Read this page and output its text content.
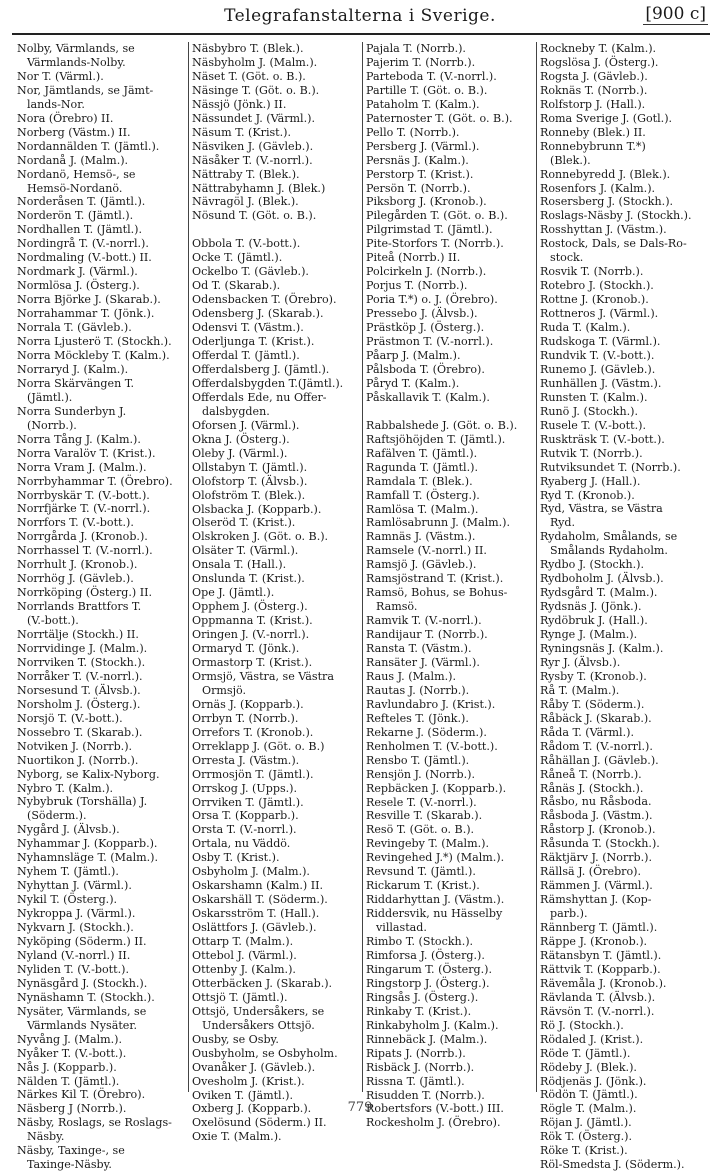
Telegrafanstalterna i Sverige.	[900 c]
Nolby, Värmlands, se
Värmlands-Nolby.
Nor T. (Värml.).
Nor, Jämtlands, se Jämt-
lands-Nor.
Nora (Örebro) II.
Norberg (Västm.) II.
Nordannälden T. (Jämtl.).
Nordanå J. (Malm.).
Nordanö, Hemsö-, se
Hemsö-Nordanö.
Norderåsen T. (Jämtl.).
Norderön T. (Jämtl.).
Nordhallen T. (Jämtl.).
Nordingrå T. (V.-norrl.).
Nordmaling (V.-bott.) II.
Nordmark J. (Värml.).
Normlösa J. (Österg.).
Norra Björke J. (Skarab.).
Norrahammar T. (Jönk.).
Norrala T. (Gävleb.).
Norra Ljusterö T. (Stockh.).
Norra Möckleby T. (Kalm.).
Norraryd J. (Kalm.).
Norra Skärvängen T.
(Jämtl.).
Norra Sunderbyn J.
(Norrb.).
Norra Tång J. (Kalm.).
Norra Varalöv T. (Krist.).
Norra Vram J. (Malm.).
Norrbyhammar T. (Örebro).
Norrbyskär T. (V.-bott.).
Norrfjärke T. (V.-norrl.).
Norrfors T. (V.-bott.).
Norrgårda J. (Kronob.).
Norrhassel T. (V.-norrl.).
Norrhult J. (Kronob.).
Norrhög J. (Gävleb.).
Norrköping (Österg.) II.
Norrlands Brattfors T.
(V.-bott.).
Norrtälje (Stockh.) II.
Norrvidinge J. (Malm.).
Norrviken T. (Stockh.).
Norråker T. (V.-norrl.).
Norsesund T. (Älvsb.).
Norsholm J. (Österg.).
Norsjö T. (V.-bott.).
Nossebro T. (Skarab.).
Notviken J. (Norrb.).
Nuortikon J. (Norrb.).
Nyborg, se Kalix-Nyborg.
Nybro T. (Kalm.).
Nybybruk (Torshälla) J.
(Söderm.).
Nygård J. (Älvsb.).
Nyhammar J. (Kopparb.).
Nyhamnsläge T. (Malm.).
Nyhem T. (Jämtl.).
Nyhyttan J. (Värml.).
Nykil T. (Österg.).
Nykroppa J. (Värml.).
Nykvarn J. (Stockh.).
Nyköping (Söderm.) II.
Nyland (V.-norrl.) II.
Nyliden T. (V.-bott.).
Nynäsgård J. (Stockh.).
Nynäshamn T. (Stockh.).
Nysäter, Värmlands, se
Värmlands Nysäter.
Nyvång J. (Malm.).
Nyåker T. (V.-bott.).
Nås J. (Kopparb.).
Nälden T. (Jämtl.).
Närkes Kil T. (Örebro).
Näsberg J (Norrb.).
Näsby, Roslags, se Roslags-
Näsby.
Näsby, Taxinge-, se
Taxinge-Näsby.
Näsbybro T. (Blek.).
Näsbyholm J. (Malm.).
Näset T. (Göt. o. B.).
Näsinge T. (Göt. o. B.).
Nässjö (Jönk.) II.
Nässundet J. (Värml.).
Näsum T. (Krist.).
Näsviken J. (Gävleb.).
Näsåker T. (V.-norrl.).
Nättraby T. (Blek.).
Nättrabyhamn J. (Blek.)
Nävragöl J. (Blek.).
Nösund T. (Göt. o. B.).
Obbola T. (V.-bott.).
Ocke T. (Jämtl.).
Ockelbo T. (Gävleb.).
Od T. (Skarab.).
Odensbacken T. (Örebro).
Odensberg J. (Skarab.).
Odensvi T. (Västm.).
Oderljunga T. (Krist.).
Offerdal T. (Jämtl.).
Offerdalsberg J. (Jämtl.).
Offerdalsbygden T.(Jämtl.).
Offerdals Ede, nu Offer-
dalsbygden.
Oforsen J. (Värml.).
Okna J. (Österg.).
Oleby J. (Värml.).
Ollstabyn T. (Jämtl.).
Olofstorp T. (Älvsb.).
Olofström T. (Blek.).
Olsbacka J. (Kopparb.).
Olseröd T. (Krist.).
Olskroken J. (Göt. o. B.).
Olsäter T. (Värml.).
Onsala T. (Hall.).
Onslunda T. (Krist.).
Ope J. (Jämtl.).
Opphem J. (Österg.).
Oppmanna T. (Krist.).
Oringen J. (V.-norrl.).
Ormaryd T. (Jönk.).
Ormastorp T. (Krist.).
Ormsjö, Västra, se Västra
Ormsjö.
Ornäs J. (Kopparb.).
Orrbyn T. (Norrb.).
Orrefors T. (Kronob.).
Orreklapp J. (Göt. o. B.)
Orresta J. (Västm.).
Orrmosjön T. (Jämtl.).
Orrskog J. (Upps.).
Orrviken T. (Jämtl.).
Orsa T. (Kopparb.).
Orsta T. (V.-norrl.).
Ortala, nu Väddö.
Osby T. (Krist.).
Osbyholm J. (Malm.).
Oskarshamn (Kalm.) II.
Oskarshäll T. (Söderm.).
Oskarsström T. (Hall.).
Oslättfors J. (Gävleb.).
Ottarp T. (Malm.).
Ottebol J. (Värml.).
Ottenby J. (Kalm.).
Otterbäcken J. (Skarab.).
Ottsjö T. (Jämtl.).
Ottsjö, Undersåkers, se
Undersåkers Ottsjö.
Ousby, se Osby.
Ousbyholm, se Osbyholm.
Ovanåker J. (Gävleb.).
Ovesholm J. (Krist.).
Oviken T. (Jämtl.).
Oxberg J. (Kopparb.).
Oxelösund (Söderm.) II.
Oxie T. (Malm.).
Pajala T. (Norrb.).
Pajerim T. (Norrb.).
Parteboda T. (V.-norrl.).
Partille T. (Göt. o. B.).
Pataholm T. (Kalm.).
Paternoster T. (Göt. o. B.).
Pello T. (Norrb.).
Persberg J. (Värml.).
Persnäs J. (Kalm.).
Perstorp T. (Krist.).
Persön T. (Norrb.).
Piksborg J. (Kronob.).
Pilegården T. (Göt. o. B.).
Pilgrimstad T. (Jämtl.).
Pite-Storfors T. (Norrb.).
Piteå (Norrb.) II.
Polcirkeln J. (Norrb.).
Porjus T. (Norrb.).
Poria T.*) o. J. (Örebro).
Pressebo J. (Älvsb.).
Prästköp J. (Österg.).
Prästmon T. (V.-norrl.).
Påarp J. (Malm.).
Pålsboda T. (Örebro).
Påryd T. (Kalm.).
Påskallavik T. (Kalm.).
Rabbalshede J. (Göt. o. B.).
Raftsjöhöjden T. (Jämtl.).
Rafälven T. (Jämtl.).
Ragunda T. (Jämtl.).
Ramdala T. (Blek.).
Ramfall T. (Österg.).
Ramlösa T. (Malm.).
Ramlösabrunn J. (Malm.).
Ramnäs J. (Västm.).
Ramsele (V.-norrl.) II.
Ramsjö J. (Gävleb.).
Ramsjöstrand T. (Krist.).
Ramsö, Bohus, se Bohus-
Ramsö.
Ramvik T. (V.-norrl.).
Randijaur T. (Norrb.).
Ransta T. (Västm.).
Ransäter J. (Värml.).
Raus J. (Malm.).
Rautas J. (Norrb.).
Ravlundabro J. (Krist.).
Refteles T. (Jönk.).
Rekarne J. (Söderm.).
Renholmen T. (V.-bott.).
Rensbo T. (Jämtl.).
Rensjön J. (Norrb.).
Repbäcken J. (Kopparb.).
Resele T. (V.-norrl.).
Resville T. (Skarab.).
Resö T. (Göt. o. B.).
Revingeby T. (Malm.).
Revingehed J.*) (Malm.).
Revsund T. (Jämtl.).
Rickarum T. (Krist.).
Riddarhyttan J. (Västm.).
Riddersvik, nu Hässelby
villastad.
Rimbo T. (Stockh.).
Rimforsa J. (Österg.).
Ringarum T. (Österg.).
Ringstorp J. (Österg.).
Ringsås J. (Österg.).
Rinkaby T. (Krist.).
Rinkabyholm J. (Kalm.).
Rinnebäck J. (Malm.).
Ripats J. (Norrb.).
Risbäck J. (Norrb.).
Rissna T. (Jämtl.).
Risudden T. (Norrb.).
Robertsfors (V.-bott.) III.
Rockesholm J. (Örebro).
Rockneby T. (Kalm.).
Rogslösa J. (Österg.).
Rogsta J. (Gävleb.).
Roknäs T. (Norrb.).
Rolfstorp J. (Hall.).
Roma Sverige J. (Gotl.).
Ronneby (Blek.) II.
Ronnebybrunn T.*)
(Blek.).
Ronnebyredd J. (Blek.).
Rosenfors J. (Kalm.).
Rosersberg J. (Stockh.).
Roslags-Näsby J. (Stockh.).
Rosshyttan J. (Västm.).
Rostock, Dals, se Dals-Ro-
stock.
Rosvik T. (Norrb.).
Rotebro J. (Stockh.).
Rottne J. (Kronob.).
Rottneros J. (Värml.).
Ruda T. (Kalm.).
Rudskoga T. (Värml.).
Rundvik T. (V.-bott.).
Runemo J. (Gävleb.).
Runhällen J. (Västm.).
Runsten T. (Kalm.).
Runö J. (Stockh.).
Rusele T. (V.-bott.).
Ruskträsk T. (V.-bott.).
Rutvik T. (Norrb.).
Rutviksundet T. (Norrb.).
Ryaberg J. (Hall.).
Ryd T. (Kronob.).
Ryd, Västra, se Västra
Ryd.
Rydaholm, Smålands, se
Smålands Rydaholm.
Rydbo J. (Stockh.).
Rydboholm J. (Älvsb.).
Rydsgård T. (Malm.).
Rydsnäs J. (Jönk.).
Rydöbruk J. (Hall.).
Rynge J. (Malm.).
Ryningsnäs J. (Kalm.).
Ryr J. (Älvsb.).
Rysby T. (Kronob.).
Rå T. (Malm.).
Råby T. (Söderm.).
Råbäck J. (Skarab.).
Råda T. (Värml.).
Rådom T. (V.-norrl.).
Råhällan J. (Gävleb.).
Råneå T. (Norrb.).
Rånäs J. (Stockh.).
Råsbo, nu Råsboda.
Råsboda J. (Västm.).
Råstorp J. (Kronob.).
Råsunda T. (Stockh.).
Räktjärv J. (Norrb.).
Rällsä J. (Örebro).
Rämmen J. (Värml.).
Rämshyttan J. (Kop-
parb.).
Rännberg T. (Jämtl.).
Räppe J. (Kronob.).
Rätansbyn T. (Jämtl.).
Rättvik T. (Kopparb.).
Rävemåla J. (Kronob.).
Rävlanda T. (Älvsb.).
Rävsön T. (V.-norrl.).
Rö J. (Stockh.).
Rödaled J. (Krist.).
Röde T. (Jämtl.).
Rödeby J. (Blek.).
Rödjenäs J. (Jönk.).
Rödön T. (Jämtl.).
Rögle T. (Malm.).
Röjan J. (Jämtl.).
Rök T. (Österg.).
Röke T. (Krist.).
Röl-Smedsta J. (Söderm.).
779
